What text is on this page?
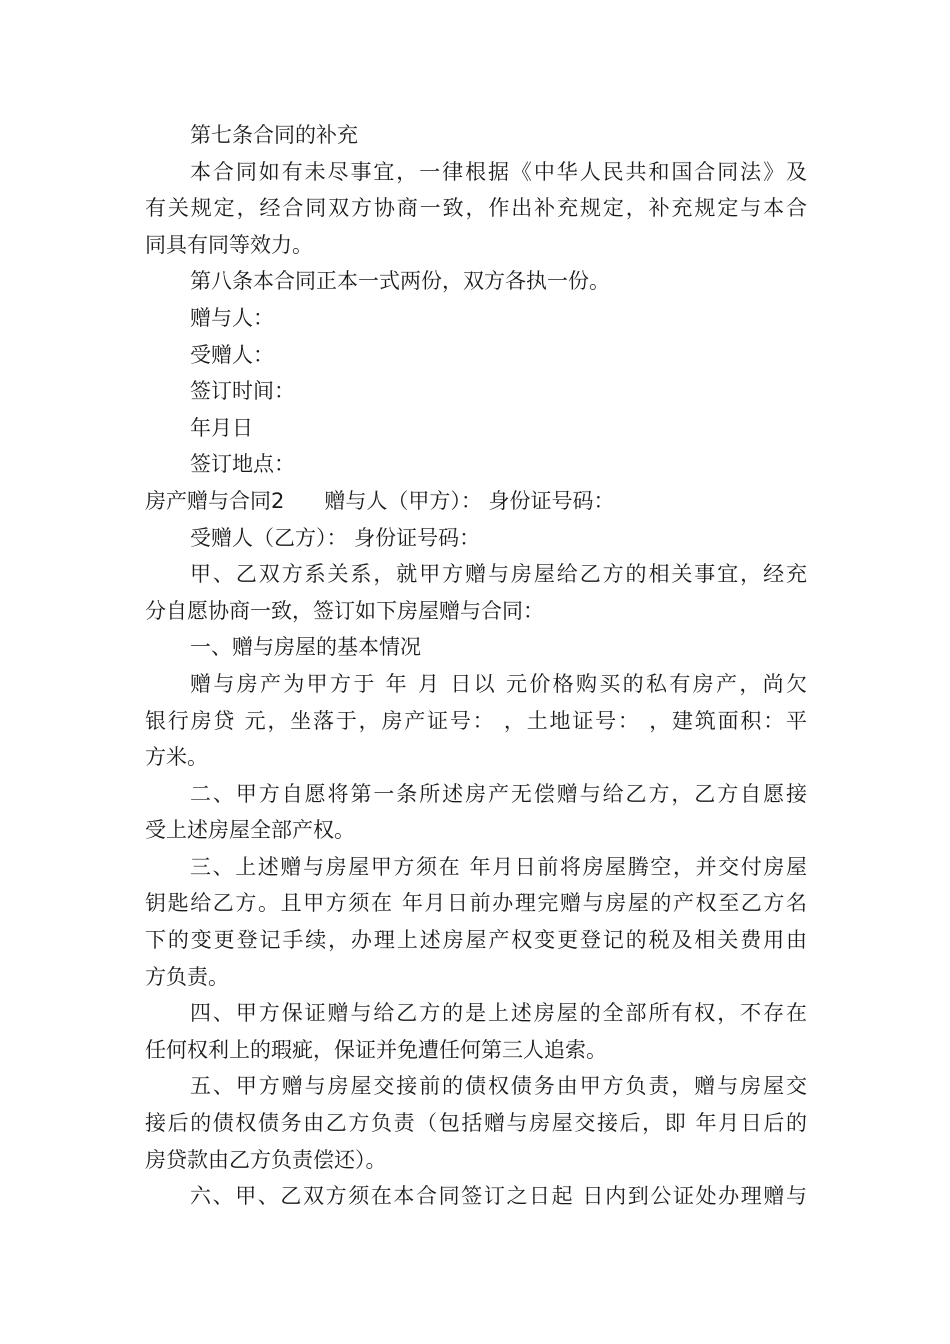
第七条合同的补充
本合同如有未尽事宜，一律根据《中华人民共和国合同法》及
有关规定，经合同双方协商一致，作出补充规定，补充规定与本合
同具有同等效力。
第八条本合同正本一式两份，双方各执一份。
赠与人：
受赠人：
签订时间：
年月日
签订地点：
房产赠与合同2 赠与人（甲方）： 身份证号码：
受赠人（乙方）： 身份证号码：
甲、乙双方系关系，就甲方赠与房屋给乙方的相关事宜，经充
分自愿协商一致，签订如下房屋赠与合同：
一、赠与房屋的基本情况
赠与房产为甲方于 年 月 日以 元价格购买的私有房产，尚欠
银行房贷 元，坐落于，房产证号： ，土地证号： ，建筑面积：平
方米。
二、甲方自愿将第一条所述房产无偿赠与给乙方，乙方自愿接
受上述房屋全部产权。
三、上述赠与房屋甲方须在 年月日前将房屋腾空，并交付房屋
钥匙给乙方。且甲方须在 年月日前办理完赠与房屋的产权至乙方名
下的变更登记手续，办理上述房屋产权变更登记的税及相关费用由
方负责。
四、甲方保证赠与给乙方的是上述房屋的全部所有权，不存在
任何权利上的瑕疵，保证并免遭任何第三人追索。
五、甲方赠与房屋交接前的债权债务由甲方负责，赠与房屋交
接后的债权债务由乙方负责（包括赠与房屋交接后，即 年月日后的
房贷款由乙方负责偿还）。
六、甲、乙双方须在本合同签订之日起 日内到公证处办理赠与
